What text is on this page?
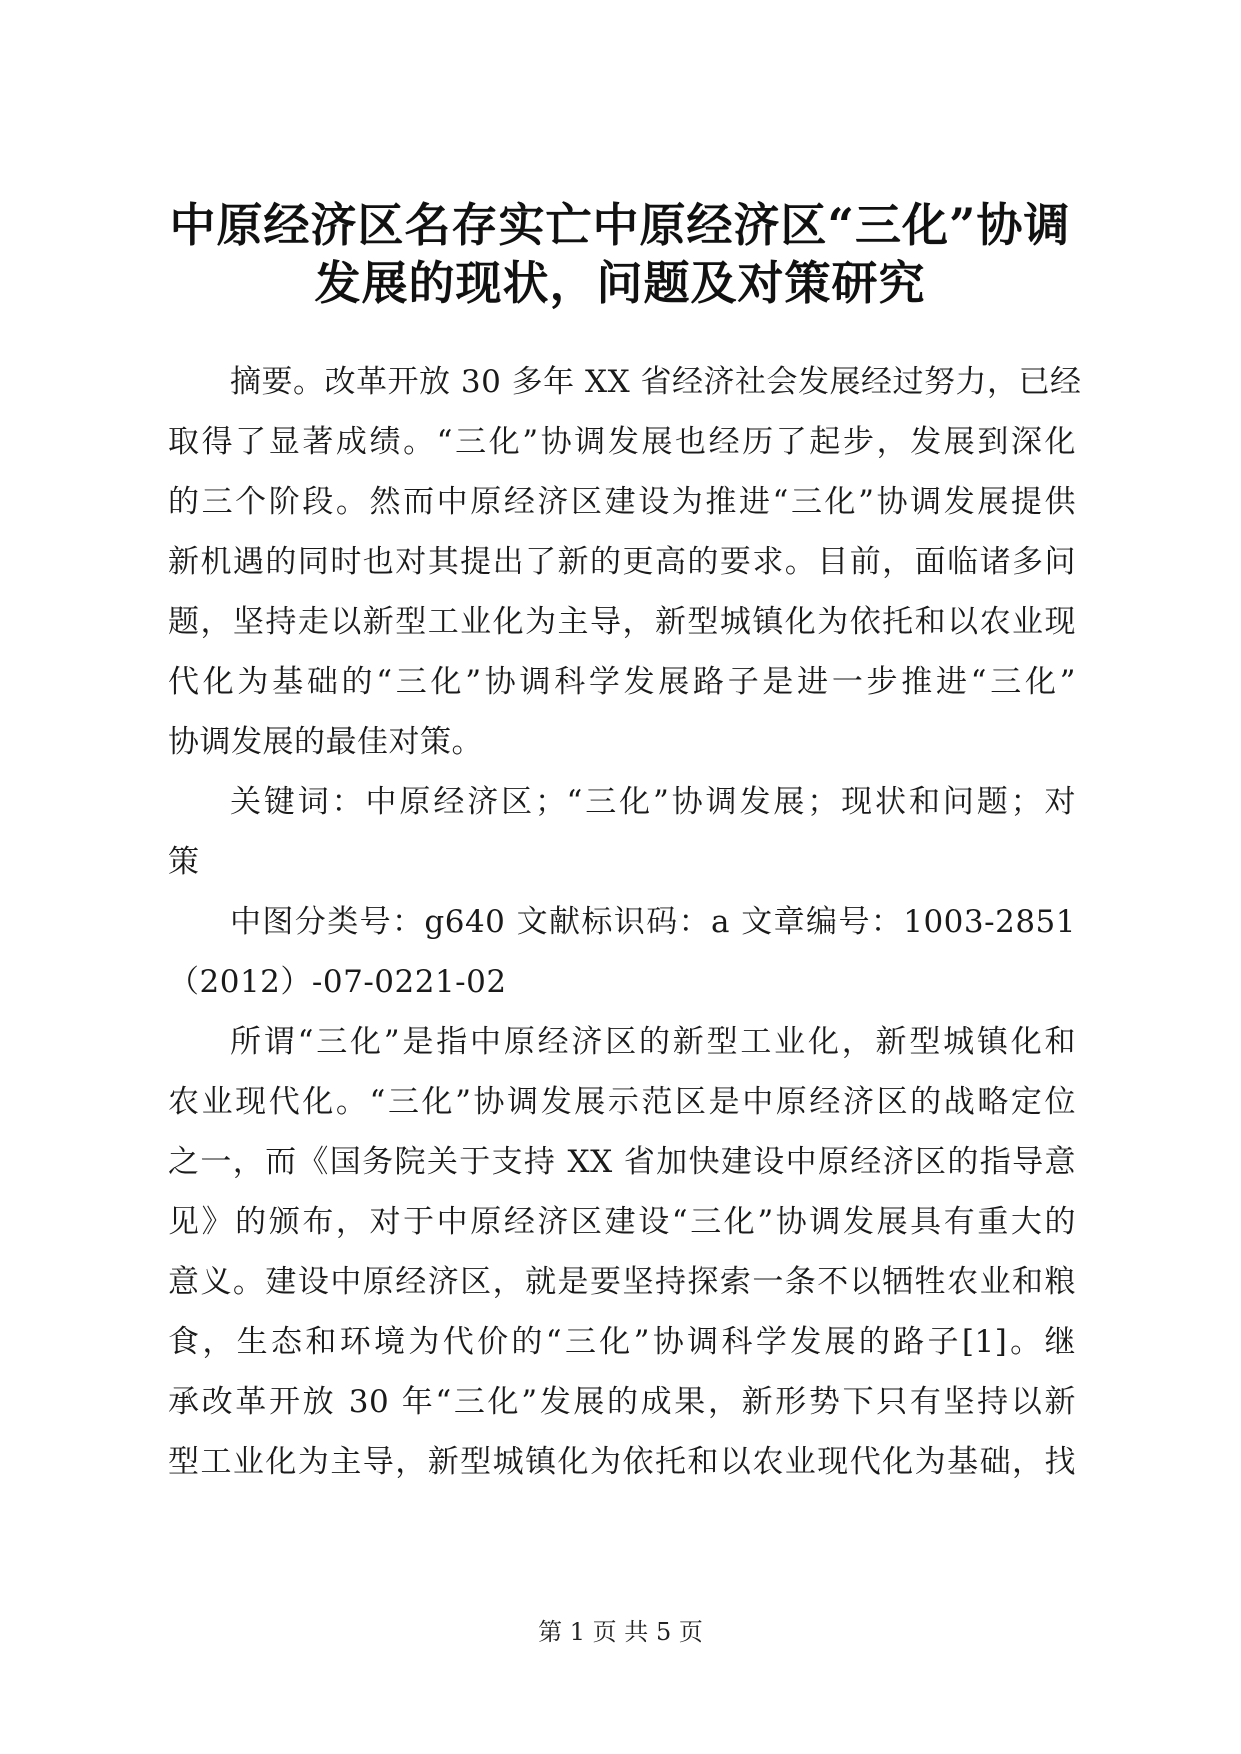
中原经济区名存实亡中原经济区“三化”协调
发展的现状，问题及对策研究
摘要。改革开放 30 多年 XX 省经济社会发展经过努力，已经
取得了显著成绩。“三化”协调发展也经历了起步，发展到深化
的三个阶段。然而中原经济区建设为推进“三化”协调发展提供
新机遇的同时也对其提出了新的更高的要求。目前，面临诸多问
题，坚持走以新型工业化为主导，新型城镇化为依托和以农业现
代化为基础的“三化”协调科学发展路子是进一步推进“三化”
协调发展的最佳对策。
关键词：中原经济区；“三化”协调发展；现状和问题；对
策
中图分类号：g640 文献标识码：a 文章编号：1003-2851
（2012）-07-0221-02
所谓“三化”是指中原经济区的新型工业化，新型城镇化和
农业现代化。“三化”协调发展示范区是中原经济区的战略定位
之一，而《国务院关于支持 XX 省加快建设中原经济区的指导意
见》的颁布，对于中原经济区建设“三化”协调发展具有重大的
意义。建设中原经济区，就是要坚持探索一条不以牺牲农业和粮
食，生态和环境为代价的“三化”协调科学发展的路子[1]。继
承改革开放 30 年“三化”发展的成果，新形势下只有坚持以新
型工业化为主导，新型城镇化为依托和以农业现代化为基础，找
第 1 页 共 5 页
